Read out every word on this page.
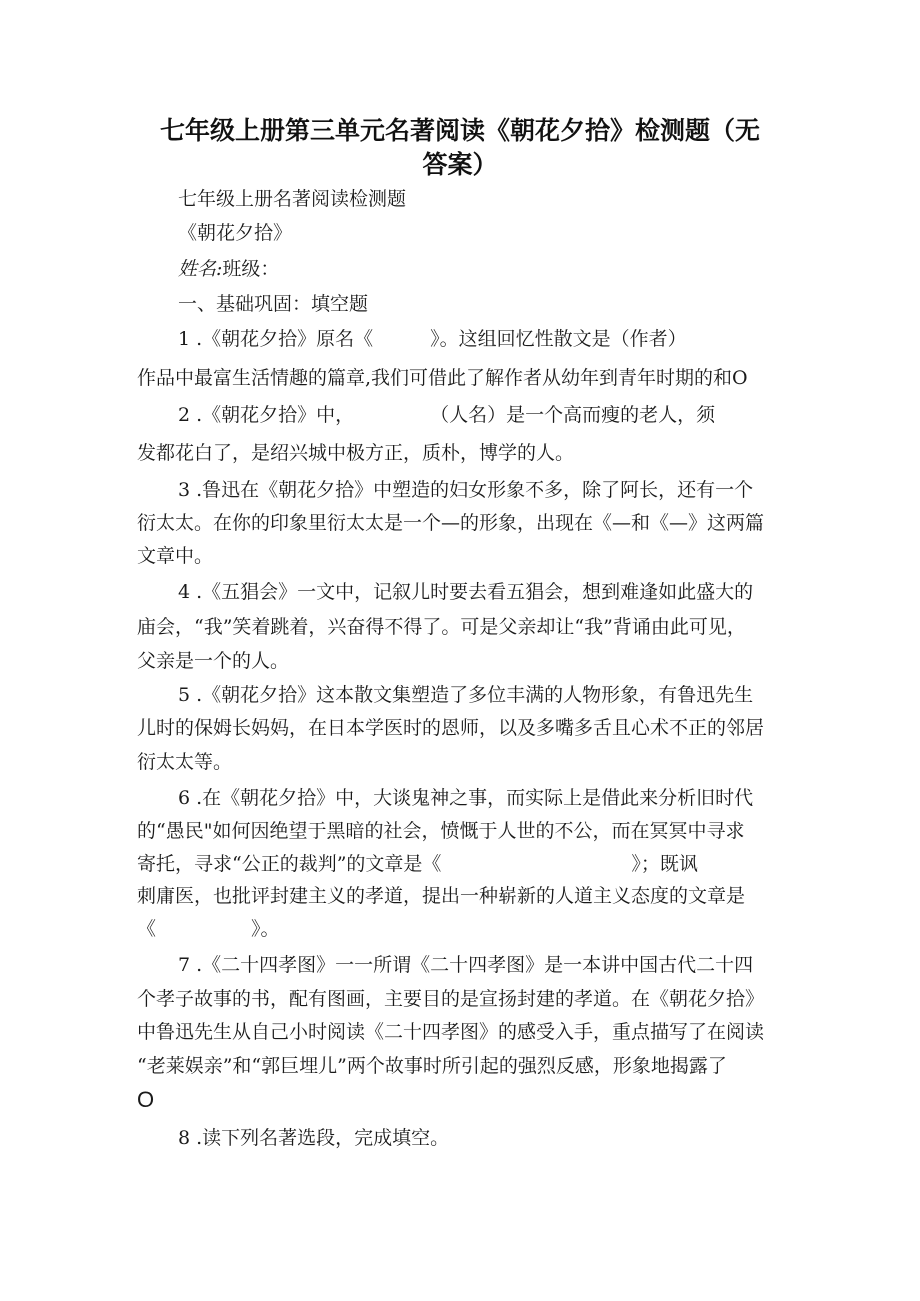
七年级上册第三单元名著阅读《朝花夕拾》检测题（无
答案）
七年级上册名著阅读检测题
《朝花夕拾》
姓名:班级：
一、基础巩固：填空题
1 .《朝花夕拾》原名《　　　》。这组回忆性散文是（作者）
作品中最富生活情趣的篇章,我们可借此了解作者从幼年到青年时期的和O
2 .《朝花夕拾》中，　　　　　（人名）是一个高而瘦的老人，须
发都花白了，是绍兴城中极方正，质朴，博学的人。
3 .鲁迅在《朝花夕拾》中塑造的妇女形象不多，除了阿长，还有一个
衍太太。在你的印象里衍太太是一个—的形象，出现在《—和《—》这两篇
文章中。
4 .《五猖会》一文中，记叙儿时要去看五猖会，想到难逢如此盛大的
庙会，“我”笑着跳着，兴奋得不得了。可是父亲却让“我”背诵由此可见，
父亲是一个的人。
5 .《朝花夕拾》这本散文集塑造了多位丰满的人物形象，有鲁迅先生
儿时的保姆长妈妈，在日本学医时的恩师，以及多嘴多舌且心术不正的邻居
衍太太等。
6 .在《朝花夕拾》中，大谈鬼神之事，而实际上是借此来分析旧时代
的“愚民"如何因绝望于黑暗的社会，愤慨于人世的不公，而在冥冥中寻求
寄托，寻求“公正的裁判”的文章是《　　　　　　　　　　》；既讽
刺庸医，也批评封建主义的孝道，提出一种崭新的人道主义态度的文章是
《　　　　　》。
7 .《二十四孝图》一一所谓《二十四孝图》是一本讲中国古代二十四
个孝子故事的书，配有图画，主要目的是宣扬封建的孝道。在《朝花夕拾》
中鲁迅先生从自己小时阅读《二十四孝图》的感受入手，重点描写了在阅读
“老莱娱亲”和“郭巨埋儿”两个故事时所引起的强烈反感，形象地揭露了
O
8 .读下列名著选段，完成填空。
